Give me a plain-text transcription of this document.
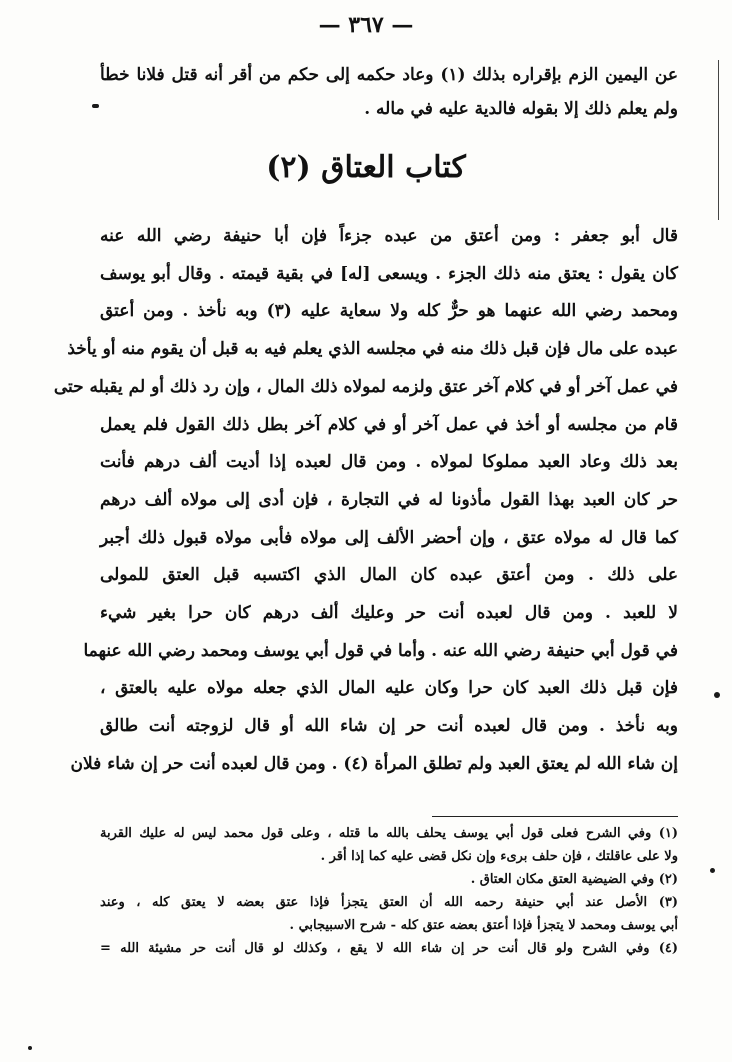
— ٣٦٧ —

عن اليمين الزم بإقراره بذلك (١) وعاد حكمه إلى حكم من أقر أنه قتل فلانا خطأ ولم يعلم ذلك إلا بقوله فالدية عليه في ماله .

كتاب العتاق (٢)
قال أبو جعفر : ومن أعتق من عبده جزءاً فإن أبا حنيفة رضي الله عنه
كان يقول : يعتق منه ذلك الجزء . ويسعى [له] في بقية قيمته . وقال أبو يوسف
ومحمد رضي الله عنهما هو حرٌّ كله ولا سعاية عليه (٣) وبه نأخذ . ومن أعتق
عبده على مال فإن قبل ذلك منه في مجلسه الذي يعلم فيه به قبل أن يقوم منه أو يأخذ
في عمل آخر أو في كلام آخر عتق ولزمه لمولاه ذلك المال ، وإن رد ذلك أو لم يقبله حتى
قام من مجلسه أو أخذ في عمل آخر أو في كلام آخر بطل ذلك القول فلم يعمل
بعد ذلك وعاد العبد مملوكا لمولاه . ومن قال لعبده إذا أديت ألف درهم فأنت
حر كان العبد بهذا القول مأذونا له في التجارة ، فإن أدى إلى مولاه ألف درهم
كما قال له مولاه عتق ، وإن أحضر الألف إلى مولاه فأبى مولاه قبول ذلك أجبر
على ذلك . ومن أعتق عبده كان المال الذي اكتسبه قبل العتق للمولى
لا للعبد . ومن قال لعبده أنت حر وعليك ألف درهم كان حرا بغير شيء
في قول أبي حنيفة رضي الله عنه . وأما في قول أبي يوسف ومحمد رضي الله عنهما
فإن قبل ذلك العبد كان حرا وكان عليه المال الذي جعله مولاه عليه بالعتق ،
وبه نأخذ . ومن قال لعبده أنت حر إن شاء الله أو قال لزوجته أنت طالق
إن شاء الله لم يعتق العبد ولم تطلق المرأة (٤) . ومن قال لعبده أنت حر إن شاء فلان
(١) وفي الشرح فعلى قول أبي يوسف يحلف بالله ما قتله ، وعلى قول محمد ليس له عليك القربة
ولا على عاقلتك ، فإن حلف برىء وإن نكل قضى عليه كما إذا أقر .
(٢) وفي الضيضية العتق مكان العتاق .
(٣) الأصل عند أبي حنيفة رحمه الله أن العتق يتجزأ فإذا عتق بعضه لا يعتق كله ، وعند
أبي يوسف ومحمد لا يتجزأ فإذا أعتق بعضه عتق كله - شرح الاسبيجابي .
(٤) وفي الشرح ولو قال أنت حر إن شاء الله لا يقع ، وكذلك لو قال أنت حر مشيئة الله =
